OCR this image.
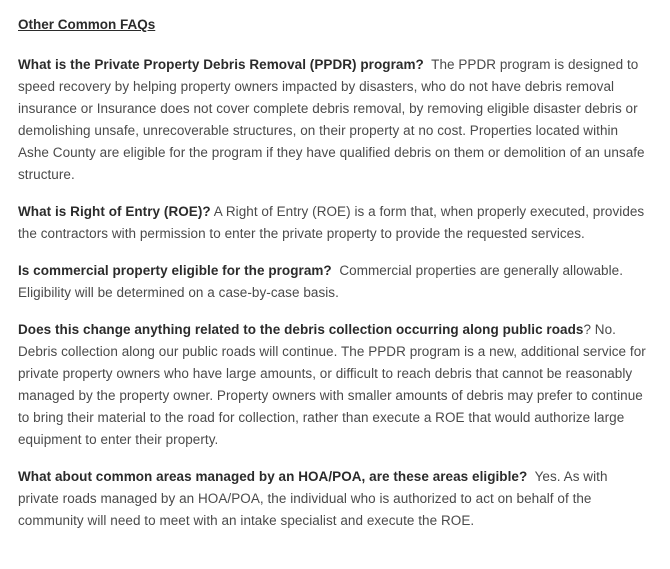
Other Common FAQs

What is the Private Property Debris Removal (PPDR) program? The PPDR program is designed to speed recovery by helping property owners impacted by disasters, who do not have debris removal insurance or Insurance does not cover complete debris removal, by removing eligible disaster debris or demolishing unsafe, unrecoverable structures, on their property at no cost. Properties located within Ashe County are eligible for the program if they have qualified debris on them or demolition of an unsafe structure.

What is Right of Entry (ROE)? A Right of Entry (ROE) is a form that, when properly executed, provides the contractors with permission to enter the private property to provide the requested services.

Is commercial property eligible for the program? Commercial properties are generally allowable. Eligibility will be determined on a case-by-case basis.

Does this change anything related to the debris collection occurring along public roads? No. Debris collection along our public roads will continue. The PPDR program is a new, additional service for private property owners who have large amounts, or difficult to reach debris that cannot be reasonably managed by the property owner. Property owners with smaller amounts of debris may prefer to continue to bring their material to the road for collection, rather than execute a ROE that would authorize large equipment to enter their property.

What about common areas managed by an HOA/POA, are these areas eligible? Yes. As with private roads managed by an HOA/POA, the individual who is authorized to act on behalf of the community will need to meet with an intake specialist and execute the ROE.
